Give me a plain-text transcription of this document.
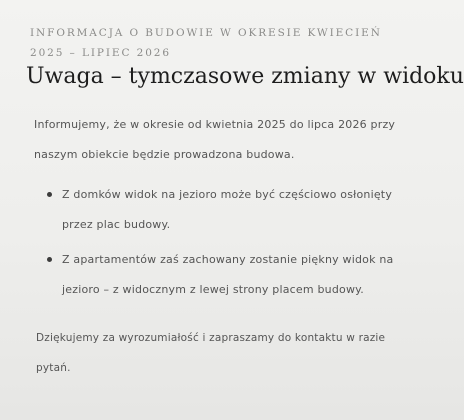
INFORMACJA O BUDOWIE W OKRESIE KWIECIEŃ
2025 – LIPIEC 2026

Uwaga – tymczasowe zmiany w widoku

Informujemy, że w okresie od kwietnia 2025 do lipca 2026 przy
naszym obiekcie będzie prowadzona budowa.

Z domków widok na jezioro może być częściowo osłonięty
przez plac budowy.
Z apartamentów zaś zachowany zostanie piękny widok na
jezioro – z widocznym z lewej strony placem budowy.

Dziękujemy za wyrozumiałość i zapraszamy do kontaktu w razie
pytań.
